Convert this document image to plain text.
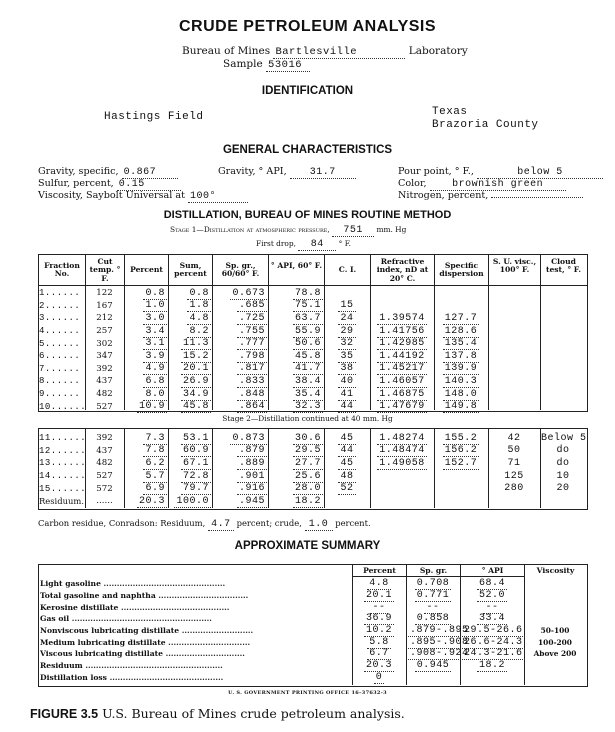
CRUDE PETROLEUM ANALYSIS
Bureau of Mines Bartlesville	Laboratory
Sample 53016
IDENTIFICATION
Hastings Field	Texas
Brazoria County
GENERAL CHARACTERISTICS
Gravity, specific, 0.867	Gravity, ° API, 31.7	Pour point, ° F.,	below 5
Sulfur, percent, 0.15	Color,	brownish green
Viscosity, Saybolt Universal at 100°	Nitrogen, percent,
DISTILLATION, BUREAU OF MINES ROUTINE METHOD
Stage 1—Distillation at atmospheric pressure, 751 mm. Hg
First drop, 84 ° F.
Fraction No.
Cut temp. ° F.
Percent	Sum, percent
Sp. gr., 60/60° F.
° API, 60° F.	C. I.
Refractive index, nD at 20° C.
Specific dispersion
S. U. visc., 100° F.
Cloud test, ° F.
1......	122	0.8	0.8	0.673	78.8					
2......	167	1.0	1.8	.685	75.1	15				
3......	212	3.0	4.8	.725	63.7	24	1.39574	127.7		
4......	257	3.4	8.2	.755	55.9	29	1.41756	128.6		
5......	302	3.1	11.3	.777	50.6	32	1.42985	135.4		
6......	347	3.9	15.2	.798	45.8	35	1.44192	137.8		
7......	392	4.9	20.1	.817	41.7	38	1.45217	139.9		
8......	437	6.8	26.9	.833	38.4	40	1.46057	140.3		
9......	482	8.0	34.9	.848	35.4	41	1.46875	148.0		
10......	527	10.9	45.8	.864	32.3	44	1.47679	149.8		
Stage 2—Distillation continued at 40 mm. Hg
11......	392	7.3	53.1	0.873	30.6	45	1.48274	155.2	42	Below 5
12......	437	7.8	60.9	.879	29.5	44	1.48474	156.2	50	do
13......	482	6.2	67.1	.889	27.7	45	1.49058	152.7	71	do
14......	527	5.7	72.8	.901	25.6	48			125	10
15......	572	6.9	79.7	.916	28.0	52			280	20
Residuum.	......	20.3	100.0	.945	18.2					
Carbon residue, Conradson: Residuum, 4.7 percent; crude, 1.0 percent.
APPROXIMATE SUMMARY
Percent	Sp. gr.	° API	Viscosity
Light gasoline ..............................................	4.8	0.708	68.4	
Total gasoline and naphtha ..................................	20.1	0.771	52.0	
Kerosine distillate .........................................	--	--	--	
Gas oil .....................................................	36.9	0.858	33.4	
Nonviscous lubricating distillate ...........................	10.2	.879-.895	29.5-26.6	50-100
Medium lubricating distillate ...............................	5.8	.895-.908	26.6-24.3	100-200
Viscous lubricating distillate ..............................	6.7	.908-.924	24.3-21.6	Above 200
Residuum ....................................................	20.3	0.945	18.2	
Distillation loss ...........................................	0			
U. S. GOVERNMENT PRINTING OFFICE 16–37632-3
FIGURE 3.5 U.S. Bureau of Mines crude petroleum analysis.
